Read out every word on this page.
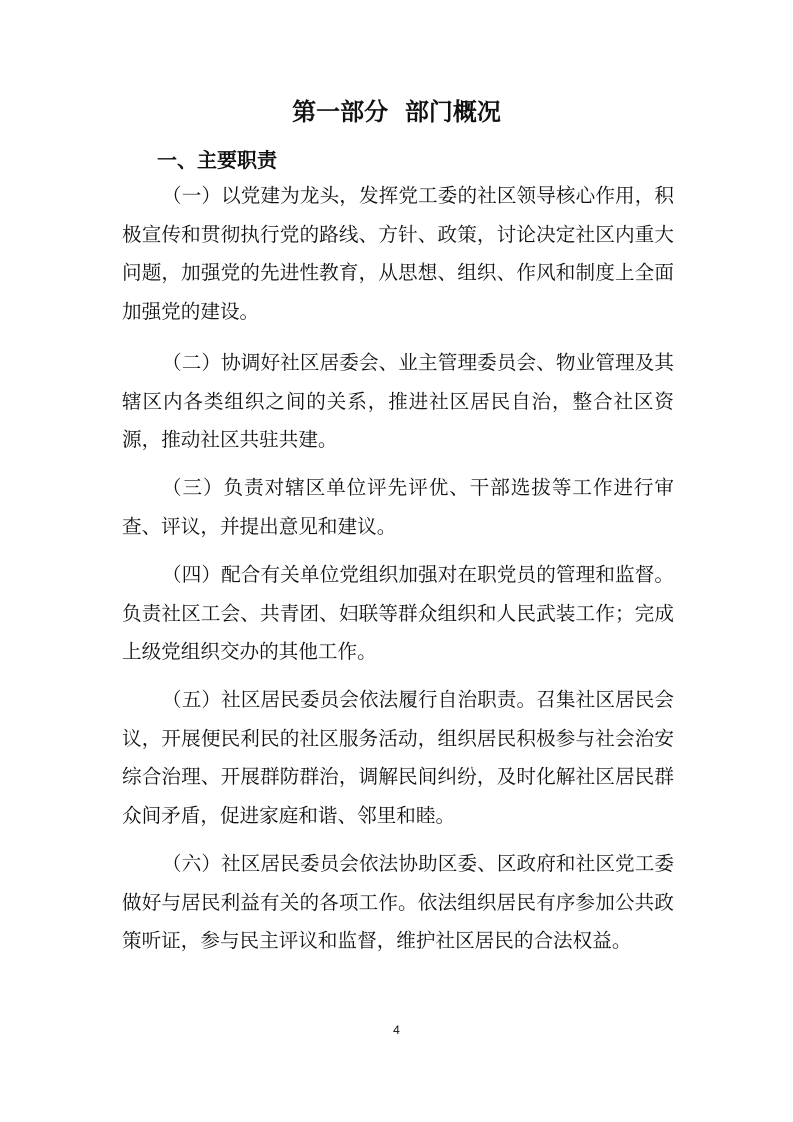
第一部分  部门概况
一、主要职责

（一）以党建为龙头，发挥党工委的社区领导核心作用，积极宣传和贯彻执行党的路线、方针、政策，讨论决定社区内重大问题，加强党的先进性教育，从思想、组织、作风和制度上全面加强党的建设。

（二）协调好社区居委会、业主管理委员会、物业管理及其辖区内各类组织之间的关系，推进社区居民自治，整合社区资源，推动社区共驻共建。

（三）负责对辖区单位评先评优、干部选拔等工作进行审查、评议，并提出意见和建议。

（四）配合有关单位党组织加强对在职党员的管理和监督。负责社区工会、共青团、妇联等群众组织和人民武装工作；完成上级党组织交办的其他工作。

（五）社区居民委员会依法履行自治职责。召集社区居民会议，开展便民利民的社区服务活动，组织居民积极参与社会治安综合治理、开展群防群治，调解民间纠纷，及时化解社区居民群众间矛盾，促进家庭和谐、邻里和睦。

（六）社区居民委员会依法协助区委、区政府和社区党工委做好与居民利益有关的各项工作。依法组织居民有序参加公共政策听证，参与民主评议和监督，维护社区居民的合法权益。

4
